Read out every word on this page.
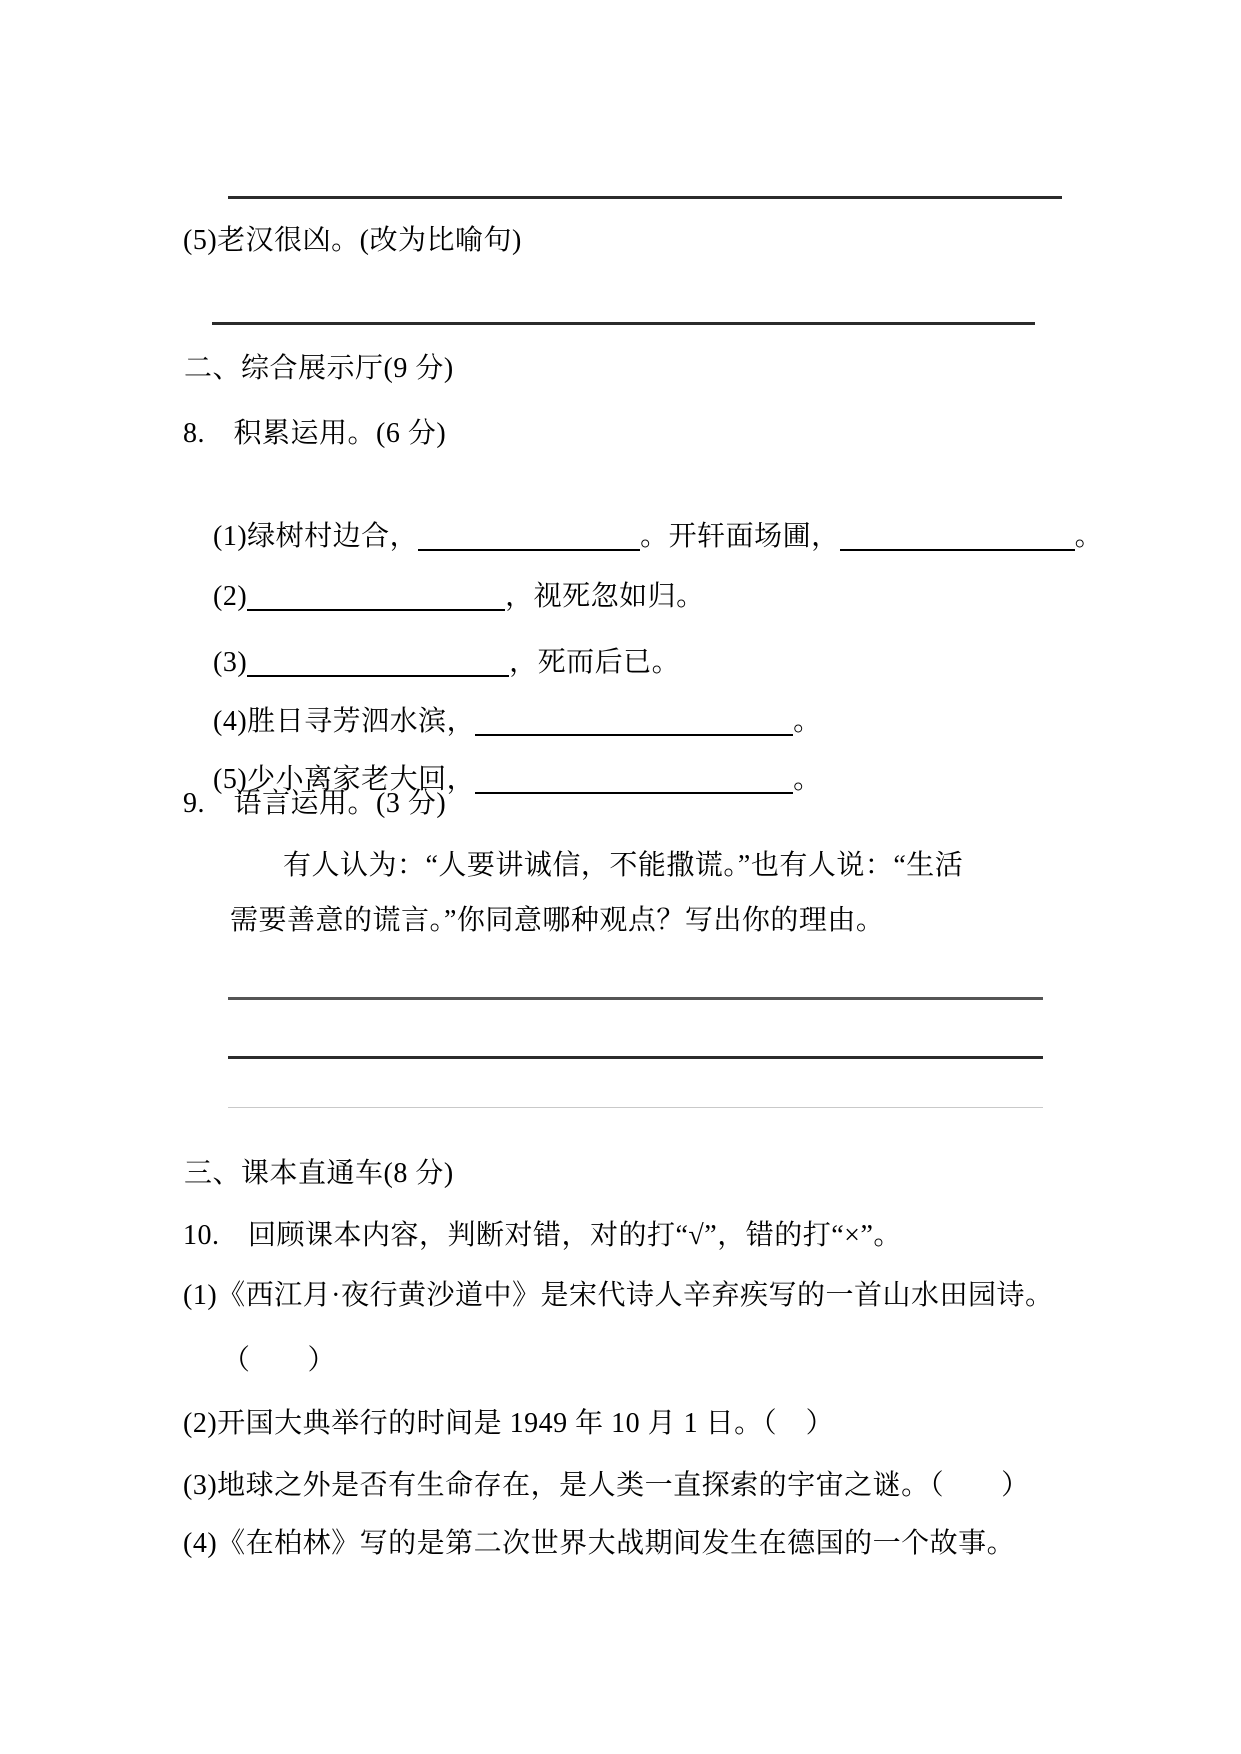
(5)老汉很凶。(改为比喻句)
二、综合展示厅(9 分)
8.　积累运用。(6 分)

(1)绿树村边合，	。开轩面场圃，	。

(2)	，视死忽如归。

(3)	，死而后已。

(4)胜日寻芳泗水滨，	。

(5)少小离家老大回，	。

9.　语言运用。(3 分)
有人认为：“人要讲诚信，不能撒谎。”也有人说：“生活
需要善意的谎言。”你同意哪种观点？写出你的理由。
三、课本直通车(8 分)
10.　回顾课本内容，判断对错，对的打“√”，错的打“×”。
(1)《西江月·夜行黄沙道中》是宋代诗人辛弃疾写的一首山水田园诗。
（　　）
(2)开国大典举行的时间是 1949 年 10 月 1 日。（　）
(3)地球之外是否有生命存在，是人类一直探索的宇宙之谜。（　　）
(4)《在柏林》写的是第二次世界大战期间发生在德国的一个故事。
